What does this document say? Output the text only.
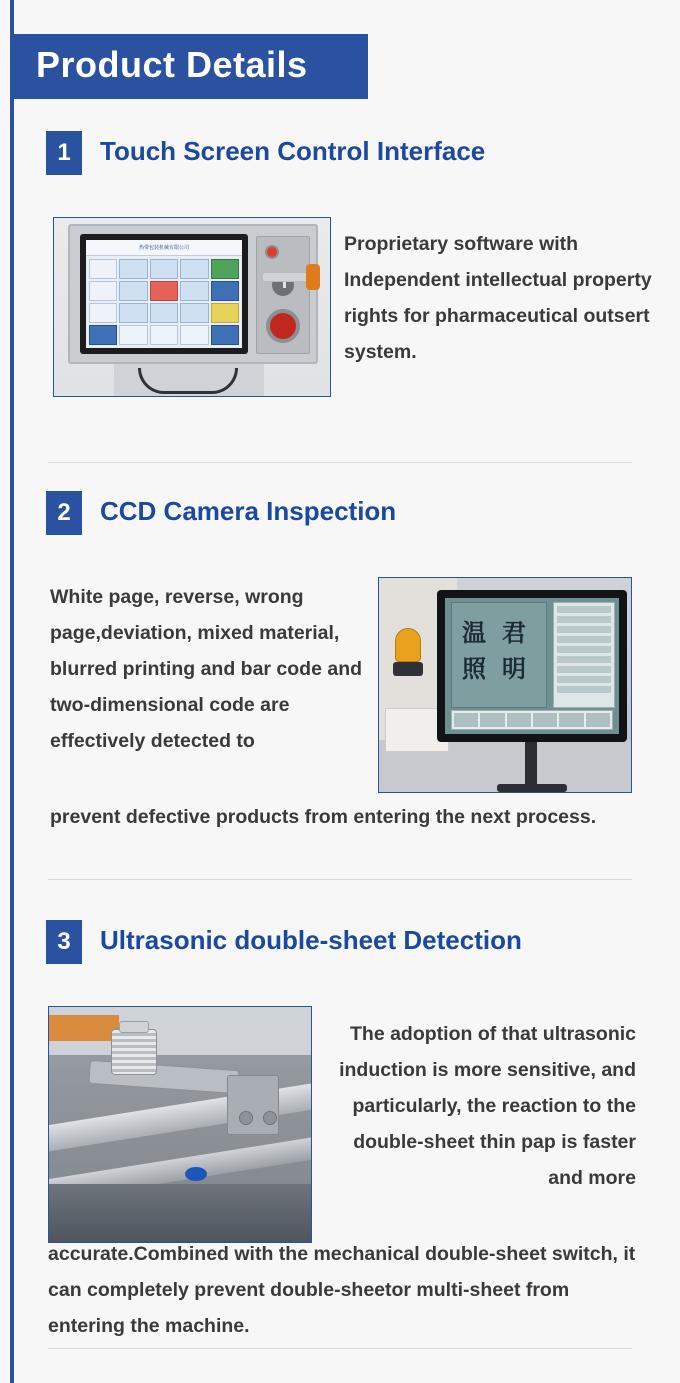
Product Details
1	Touch Screen Control Interface
热带包装机械有限公司	Proprietary software with Independent intellectual property rights for pharmaceutical outsert system.
2	CCD Camera Inspection
温 君
照 明
White page, reverse, wrong page,deviation, mixed material, blurred printing and bar code and two-dimensional code are effectively detected to
prevent defective products from entering the next process.
3	Ultrasonic double-sheet Detection
The adoption of that ultrasonic induction is more sensitive, and particularly, the reaction to the double-sheet thin pap is faster and more
accurate.Combined with the mechanical double-sheet switch, it can completely prevent double-sheetor multi-sheet from entering the machine.
